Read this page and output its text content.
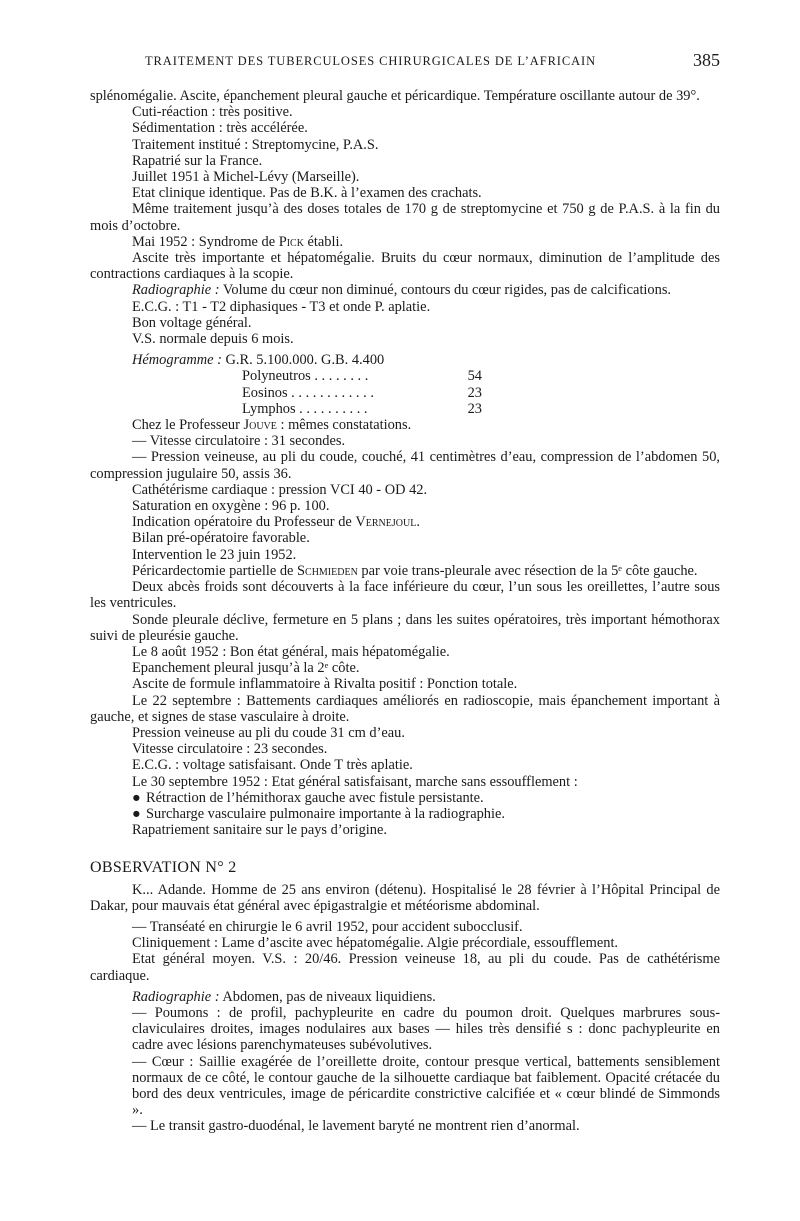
TRAITEMENT DES TUBERCULOSES CHIRURGICALES DE L’AFRICAIN	385
splénomégalie. Ascite, épanchement pleural gauche et péricardique. Température oscillante autour de 39°.
Cuti-réaction : très positive.
Sédimentation : très accélérée.
Traitement institué : Streptomycine, P.A.S.
Rapatrié sur la France.
Juillet 1951 à Michel-Lévy (Marseille).
Etat clinique identique. Pas de B.K. à l’examen des crachats.
Même traitement jusqu’à des doses totales de 170 g de streptomycine et 750 g de P.A.S. à la fin du mois d’octobre.
Mai 1952 : Syndrome de Pick établi.
Ascite très importante et hépatomégalie. Bruits du cœur normaux, diminution de l’amplitude des contractions cardiaques à la scopie.
Radiographie : Volume du cœur non diminué, contours du cœur rigides, pas de calcifications.
E.C.G. : T1 - T2 diphasiques - T3 et onde P. aplatie.
Bon voltage général.
V.S. normale depuis 6 mois.
Hémogramme : G.R. 5.100.000. G.B. 4.400
Polyneutros . . . . . . . .	54
Eosinos . . . . . . . . . . . .	23
Lymphos . . . . . . . . . .	23
Chez le Professeur Jouve : mêmes constatations.
— Vitesse circulatoire : 31 secondes.
— Pression veineuse, au pli du coude, couché, 41 centimètres d’eau, compression de l’abdomen 50, compression jugulaire 50, assis 36.
Cathétérisme cardiaque : pression VCI 40 - OD 42.
Saturation en oxygène : 96 p. 100.
Indication opératoire du Professeur de Vernejoul.
Bilan pré-opératoire favorable.
Intervention le 23 juin 1952.
Péricardectomie partielle de Schmieden par voie trans-pleurale avec résection de la 5ᵉ côte gauche.
Deux abcès froids sont découverts à la face inférieure du cœur, l’un sous les oreillettes, l’autre sous les ventricules.
Sonde pleurale déclive, fermeture en 5 plans ; dans les suites opératoires, très important hémothorax suivi de pleurésie gauche.
Le 8 août 1952 : Bon état général, mais hépatomégalie.
Epanchement pleural jusqu’à la 2ᵉ côte.
Ascite de formule inflammatoire à Rivalta positif : Ponction totale.
Le 22 septembre : Battements cardiaques améliorés en radioscopie, mais épanchement important à gauche, et signes de stase vasculaire à droite.
Pression veineuse au pli du coude 31 cm d’eau.
Vitesse circulatoire : 23 secondes.
E.C.G. : voltage satisfaisant. Onde T très aplatie.
Le 30 septembre 1952 : Etat général satisfaisant, marche sans essoufflement :
● Rétraction de l’hémithorax gauche avec fistule persistante.
● Surcharge vasculaire pulmonaire importante à la radiographie.
Rapatriement sanitaire sur le pays d’origine.
OBSERVATION N° 2
K... Adande. Homme de 25 ans environ (détenu). Hospitalisé le 28 février à l’Hôpital Principal de Dakar, pour mauvais état général avec épigastralgie et météorisme abdominal.
— Transéaté en chirurgie le 6 avril 1952, pour accident subocclusif.
Cliniquement : Lame d’ascite avec hépatomégalie. Algie précordiale, essoufflement.
Etat général moyen. V.S. : 20/46. Pression veineuse 18, au pli du coude. Pas de cathétérisme cardiaque.
Radiographie : Abdomen, pas de niveaux liquidiens.
— Poumons : de profil, pachypleurite en cadre du poumon droit. Quelques marbrures sous-claviculaires droites, images nodulaires aux bases — hiles très densifié s : donc pachypleurite en cadre avec lésions parenchymateuses subévolutives.
— Cœur : Saillie exagérée de l’oreillette droite, contour presque vertical, battements sensiblement normaux de ce côté, le contour gauche de la silhouette cardiaque bat faiblement. Opacité crétacée du bord des deux ventricules, image de péricardite constrictive calcifiée et « cœur blindé de Simmonds ».
— Le transit gastro-duodénal, le lavement baryté ne montrent rien d’anormal.
